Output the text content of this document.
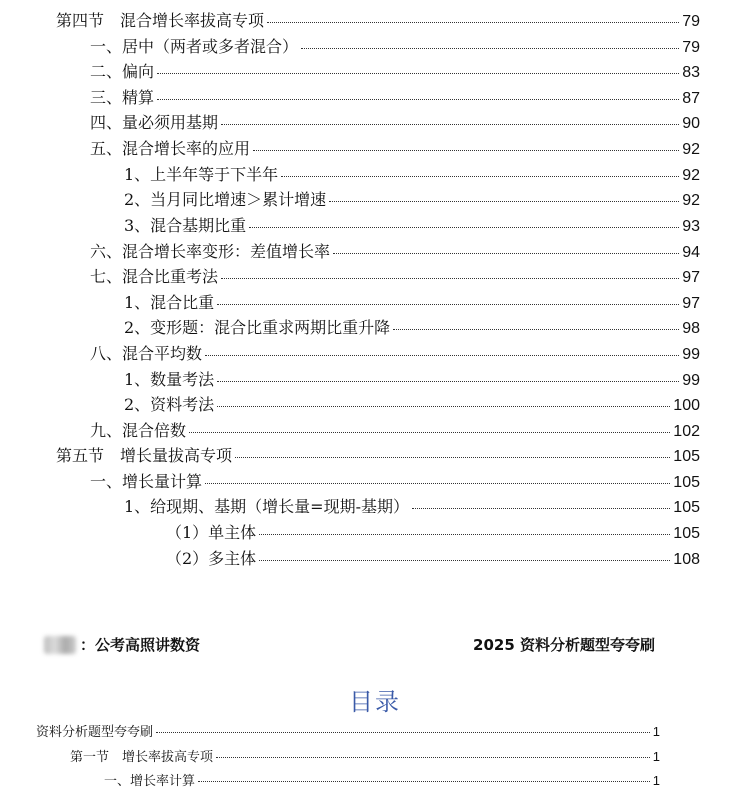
第四节　混合增长率拔高专项	79
一、居中（两者或多者混合）	79
二、偏向	83
三、精算	87
四、量必须用基期	90
五、混合增长率的应用	92
1、上半年等于下半年	92
2、当月同比增速＞累计增速	92
3、混合基期比重	93
六、混合增长率变形：差值增长率	94
七、混合比重考法	97
1、混合比重	97
2、变形题：混合比重求两期比重升降	98
八、混合平均数	99
1、数量考法	99
2、资料考法	100
九、混合倍数	102
第五节　增长量拔高专项	105
一、增长量计算	105
1、给现期、基期（增长量=现期-基期）	105
（1）单主体	105
（2）多主体	108
：公考高照讲数资	2025 资料分析题型夸夸刷
目录
资料分析题型夸夸刷	1
第一节　增长率拔高专项	1
一、增长率计算	1
